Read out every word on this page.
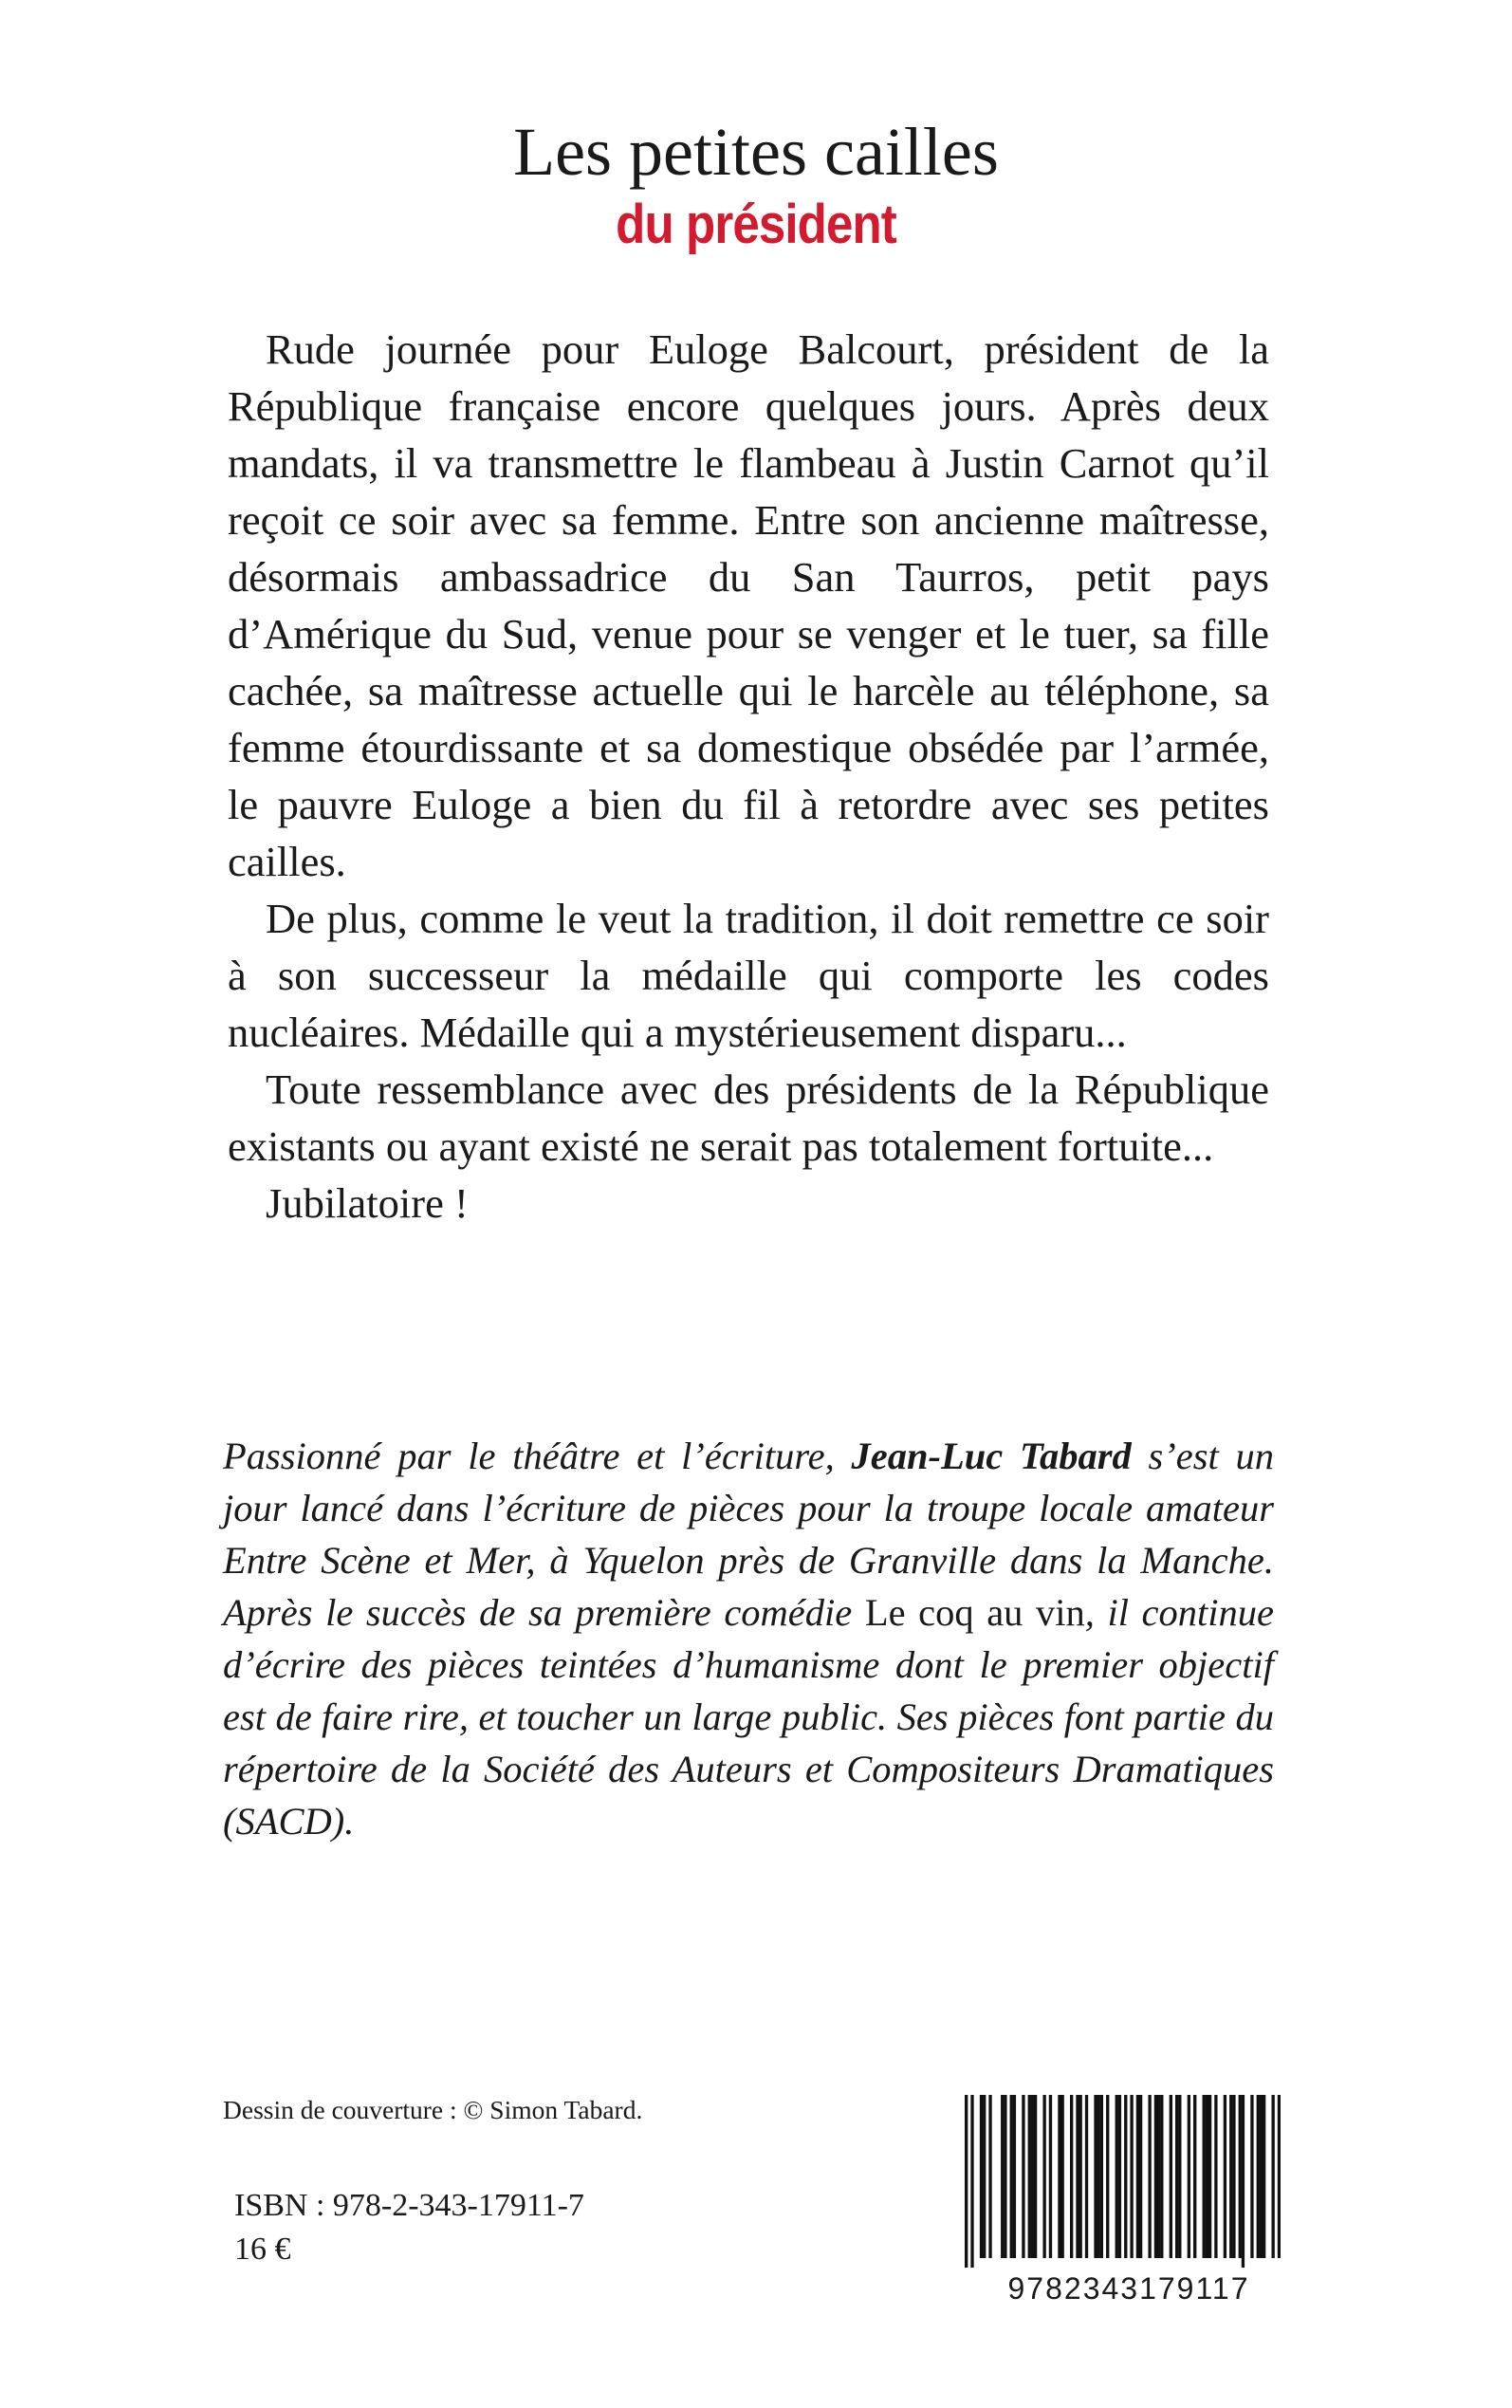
Les petites cailles
du président

Rude journée pour Euloge Balcourt, président de la République française encore quelques jours. Après deux mandats, il va transmettre le flambeau à Justin Carnot qu’il reçoit ce soir avec sa femme. Entre son ancienne maîtresse, désormais ambassadrice du San Taurros, petit pays d’Amérique du Sud, venue pour se venger et le tuer, sa fille cachée, sa maîtresse actuelle qui le harcèle au téléphone, sa femme étourdissante et sa domestique obsédée par l’armée, le pauvre Euloge a bien du fil à retordre avec ses petites cailles.

De plus, comme le veut la tradition, il doit remettre ce soir à son successeur la médaille qui comporte les codes nucléaires. Médaille qui a mystérieusement disparu...

Toute ressemblance avec des présidents de la République existants ou ayant existé ne serait pas totalement fortuite...

Jubilatoire !

Passionné par le théâtre et l’écriture, Jean-Luc Tabard s’est un jour lancé dans l’écriture de pièces pour la troupe locale amateur Entre Scène et Mer, à Yquelon près de Granville dans la Manche. Après le succès de sa première comédie Le coq au vin, il continue d’écrire des pièces teintées d’humanisme dont le premier objectif est de faire rire, et toucher un large public. Ses pièces font partie du répertoire de la Société des Auteurs et Compositeurs Dramatiques (SACD).

Dessin de couverture : © Simon Tabard.
ISBN : 978-2-343-17911-7
16 €
9782343179117
